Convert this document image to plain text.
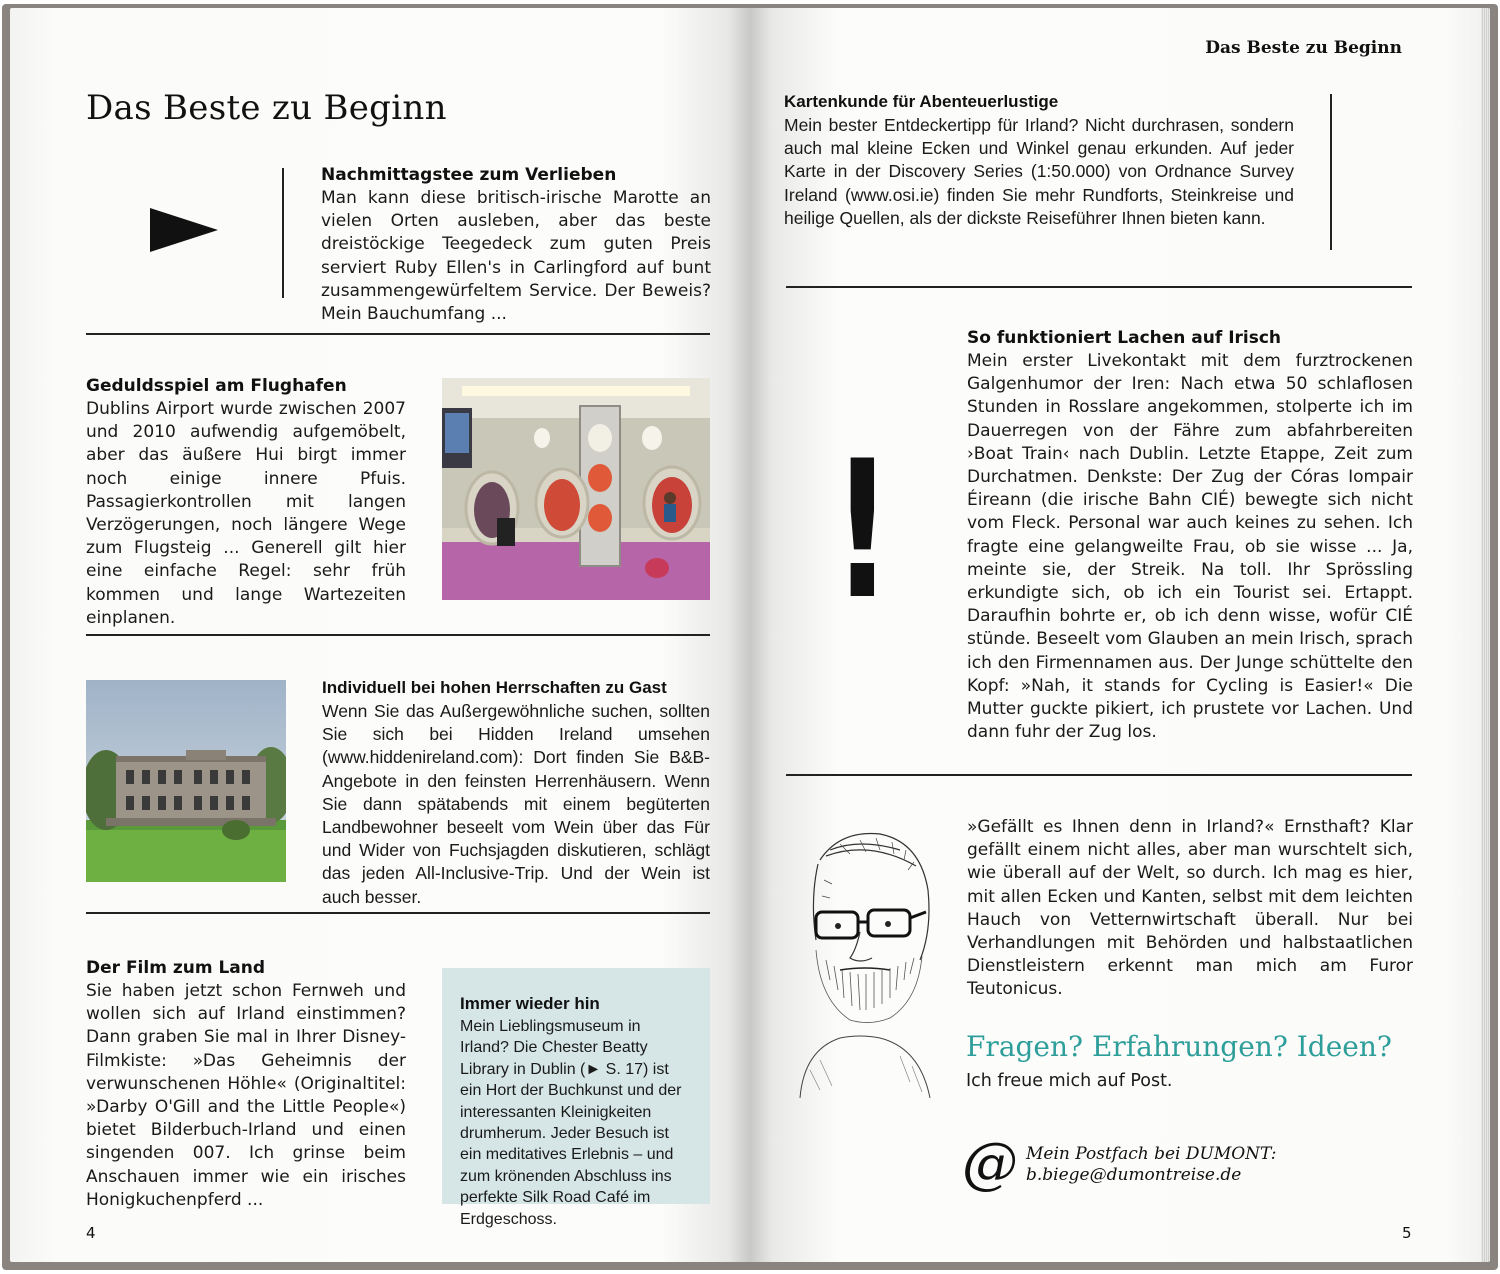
Das Beste zu Beginn
Nachmittagstee zum Verlieben
Man kann diese britisch-irische Marotte an vielen Orten ausleben, aber das beste dreistöckige Teegedeck zum guten Preis serviert Ruby Ellen's in Carlingford auf bunt zusammengewürfeltem Service. Der Beweis? Mein Bauchumfang ...
Geduldsspiel am Flughafen
Dublins Airport wurde zwischen 2007 und 2010 aufwendig aufgemöbelt, aber das äußere Hui birgt immer noch einige innere Pfuis. Passagierkontrollen mit langen Verzögerungen, noch längere Wege zum Flugsteig ... Generell gilt hier eine einfache Regel: sehr früh kommen und lange Wartezeiten einplanen.
Individuell bei hohen Herrschaften zu Gast
Wenn Sie das Außergewöhnliche suchen, sollten Sie sich bei Hidden Ireland umsehen (www.hiddenireland.com): Dort finden Sie B&B-Angebote in den feinsten Herrenhäusern. Wenn Sie dann spätabends mit einem begüterten Landbewohner beseelt vom Wein über das Für und Wider von Fuchsjagden diskutieren, schlägt das jeden All-Inclusive-Trip. Und der Wein ist auch besser.
Der Film zum Land
Sie haben jetzt schon Fernweh und wollen sich auf Irland einstimmen? Dann graben Sie mal in Ihrer Disney-Filmkiste: »Das Geheimnis der verwunschenen Höhle« (Originaltitel: »Darby O'Gill and the Little People«) bietet Bilderbuch-Irland und einen singenden 007. Ich grinse beim Anschauen immer wie ein irisches Honigkuchenpferd ...
Immer wieder hin
Mein Lieblingsmuseum in Irland? Die Chester Beatty Library in Dublin (► S. 17) ist ein Hort der Buchkunst und der interessanten Kleinigkeiten drumherum. Jeder Besuch ist ein meditatives Erlebnis – und zum krönenden Abschluss ins perfekte Silk Road Café im Erdgeschoss.
4
Das Beste zu Beginn
Kartenkunde für Abenteuerlustige
Mein bester Entdeckertipp für Irland? Nicht durchrasen, sondern auch mal kleine Ecken und Winkel genau erkunden. Auf jeder Karte in der Discovery Series (1:50.000) von Ordnance Survey Ireland (www.osi.ie) finden Sie mehr Rundforts, Steinkreise und heilige Quellen, als der dickste Reiseführer Ihnen bieten kann.
!
So funktioniert Lachen auf Irisch
Mein erster Livekontakt mit dem furztrockenen Galgenhumor der Iren: Nach etwa 50 schlaflosen Stunden in Rosslare angekommen, stolperte ich im Dauerregen von der Fähre zum abfahrbereiten ›Boat Train‹ nach Dublin. Letzte Etappe, Zeit zum Durchatmen. Denkste: Der Zug der Córas Iompair Éireann (die irische Bahn CIÉ) bewegte sich nicht vom Fleck. Personal war auch keines zu sehen. Ich fragte eine gelangweilte Frau, ob sie wisse ... Ja, meinte sie, der Streik. Na toll. Ihr Sprössling erkundigte sich, ob ich ein Tourist sei. Ertappt. Daraufhin bohrte er, ob ich denn wisse, wofür CIÉ stünde. Beseelt vom Glauben an mein Irisch, sprach ich den Firmennamen aus. Der Junge schüttelte den Kopf: »Nah, it stands for Cycling is Easier!« Die Mutter guckte pikiert, ich prustete vor Lachen. Und dann fuhr der Zug los.
»Gefällt es Ihnen denn in Irland?« Ernsthaft? Klar gefällt einem nicht alles, aber man wurschtelt sich, wie überall auf der Welt, so durch. Ich mag es hier, mit allen Ecken und Kanten, selbst mit dem leichten Hauch von Vetternwirtschaft überall. Nur bei Verhandlungen mit Behörden und halbstaatlichen Dienstleistern erkennt man mich am Furor Teutonicus.
Fragen? Erfahrungen? Ideen?
Ich freue mich auf Post.
@ Mein Postfach bei DUMONT:
b.biege@dumontreise.de
5
